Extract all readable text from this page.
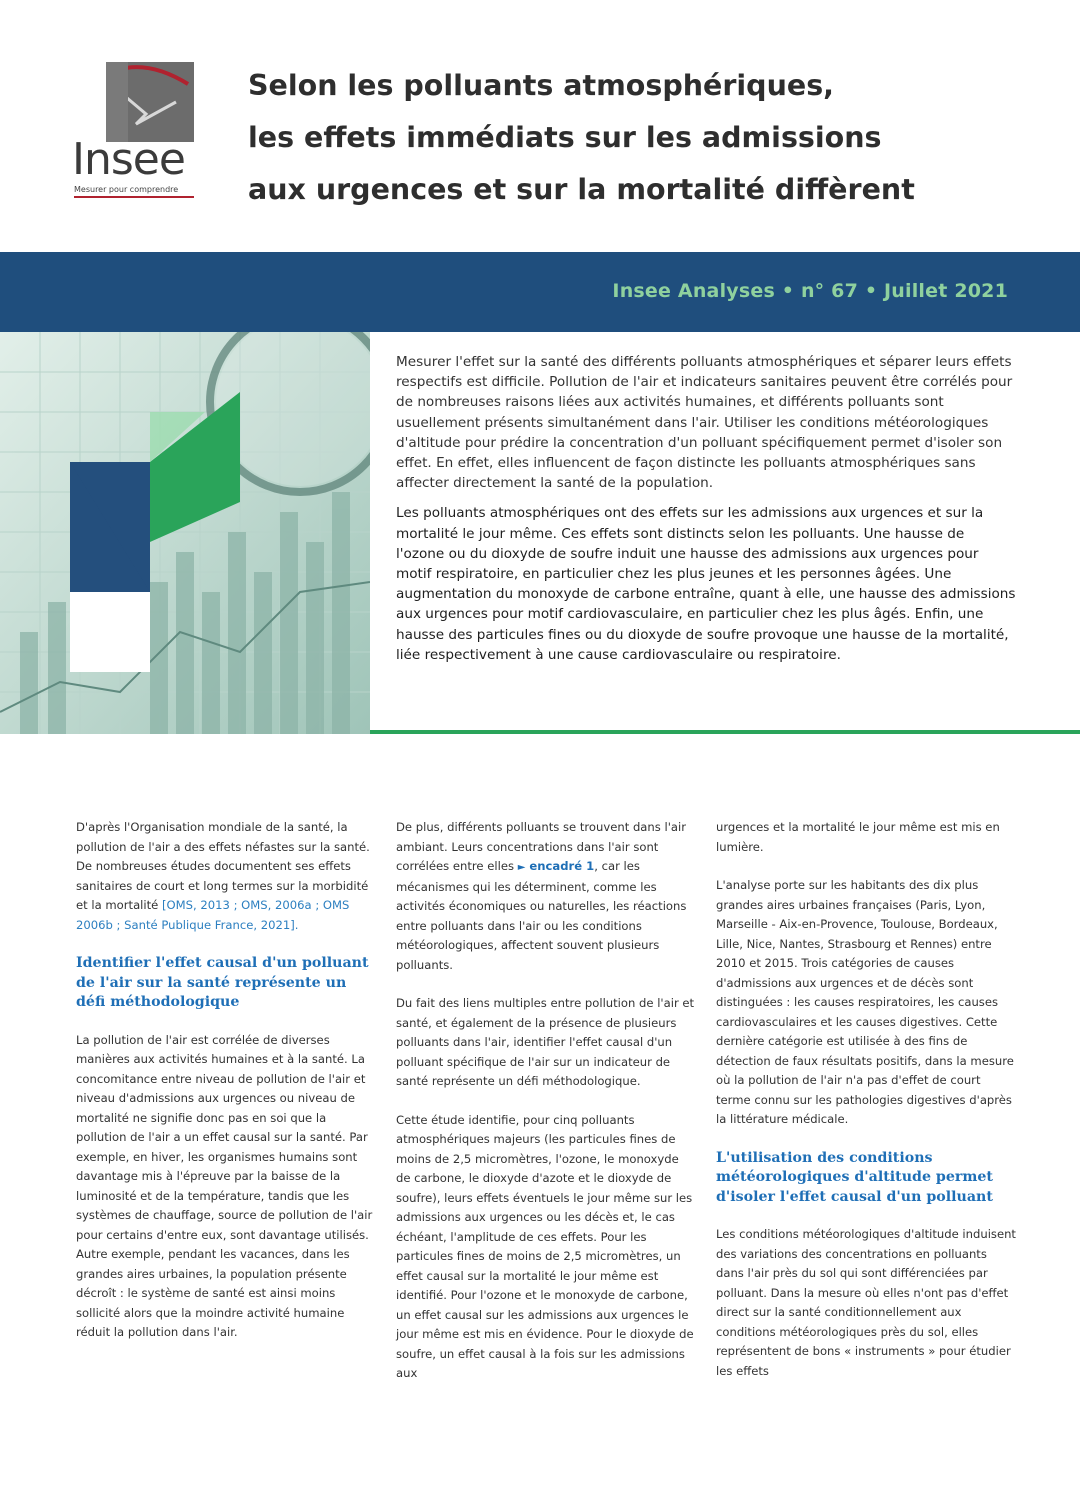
Insee
Mesurer pour comprendre
Selon les polluants atmosphériques,
les effets immédiats sur les admissions
aux urgences et sur la mortalité diffèrent
Insee Analyses • n° 67 • Juillet 2021

Mesurer l'effet sur la santé des différents polluants atmosphériques et séparer leurs effets respectifs est difficile. Pollution de l'air et indicateurs sanitaires peuvent être corrélés pour de nombreuses raisons liées aux activités humaines, et différents polluants sont usuellement présents simultanément dans l'air. Utiliser les conditions météorologiques d'altitude pour prédire la concentration d'un polluant spécifiquement permet d'isoler son effet. En effet, elles influencent de façon distincte les polluants atmosphériques sans affecter directement la santé de la population.

Les polluants atmosphériques ont des effets sur les admissions aux urgences et sur la mortalité le jour même. Ces effets sont distincts selon les polluants. Une hausse de l'ozone ou du dioxyde de soufre induit une hausse des admissions aux urgences pour motif respiratoire, en particulier chez les plus jeunes et les personnes âgées. Une augmentation du monoxyde de carbone entraîne, quant à elle, une hausse des admissions aux urgences pour motif cardiovasculaire, en particulier chez les plus âgés. Enfin, une hausse des particules fines ou du dioxyde de soufre provoque une hausse de la mortalité, liée respectivement à une cause cardiovasculaire ou respiratoire.

D'après l'Organisation mondiale de la santé, la pollution de l'air a des effets néfastes sur la santé. De nombreuses études documentent ses effets sanitaires de court et long termes sur la morbidité et la mortalité [OMS, 2013 ; OMS, 2006a ; OMS 2006b ; Santé Publique France, 2021].

Identifier l'effet causal d'un polluant de l'air sur la santé représente un défi méthodologique

La pollution de l'air est corrélée de diverses manières aux activités humaines et à la santé. La concomitance entre niveau de pollution de l'air et niveau d'admissions aux urgences ou niveau de mortalité ne signifie donc pas en soi que la pollution de l'air a un effet causal sur la santé. Par exemple, en hiver, les organismes humains sont davantage mis à l'épreuve par la baisse de la luminosité et de la température, tandis que les systèmes de chauffage, source de pollution de l'air pour certains d'entre eux, sont davantage utilisés. Autre exemple, pendant les vacances, dans les grandes aires urbaines, la population présente décroît : le système de santé est ainsi moins sollicité alors que la moindre activité humaine réduit la pollution dans l'air.

De plus, différents polluants se trouvent dans l'air ambiant. Leurs concentrations dans l'air sont corrélées entre elles ► encadré 1, car les mécanismes qui les déterminent, comme les activités économiques ou naturelles, les réactions entre polluants dans l'air ou les conditions météorologiques, affectent souvent plusieurs polluants.

Du fait des liens multiples entre pollution de l'air et santé, et également de la présence de plusieurs polluants dans l'air, identifier l'effet causal d'un polluant spécifique de l'air sur un indicateur de santé représente un défi méthodologique.

Cette étude identifie, pour cinq polluants atmosphériques majeurs (les particules fines de moins de 2,5 micromètres, l'ozone, le monoxyde de carbone, le dioxyde d'azote et le dioxyde de soufre), leurs effets éventuels le jour même sur les admissions aux urgences ou les décès et, le cas échéant, l'amplitude de ces effets. Pour les particules fines de moins de 2,5 micromètres, un effet causal sur la mortalité le jour même est identifié. Pour l'ozone et le monoxyde de carbone, un effet causal sur les admissions aux urgences le jour même est mis en évidence. Pour le dioxyde de soufre, un effet causal à la fois sur les admissions aux

urgences et la mortalité le jour même est mis en lumière.

L'analyse porte sur les habitants des dix plus grandes aires urbaines françaises (Paris, Lyon, Marseille - Aix-en-Provence, Toulouse, Bordeaux, Lille, Nice, Nantes, Strasbourg et Rennes) entre 2010 et 2015. Trois catégories de causes d'admissions aux urgences et de décès sont distinguées : les causes respiratoires, les causes cardiovasculaires et les causes digestives. Cette dernière catégorie est utilisée à des fins de détection de faux résultats positifs, dans la mesure où la pollution de l'air n'a pas d'effet de court terme connu sur les pathologies digestives d'après la littérature médicale.

L'utilisation des conditions météorologiques d'altitude permet d'isoler l'effet causal d'un polluant

Les conditions météorologiques d'altitude induisent des variations des concentrations en polluants dans l'air près du sol qui sont différenciées par polluant. Dans la mesure où elles n'ont pas d'effet direct sur la santé conditionnellement aux conditions météorologiques près du sol, elles représentent de bons « instruments » pour étudier les effets
